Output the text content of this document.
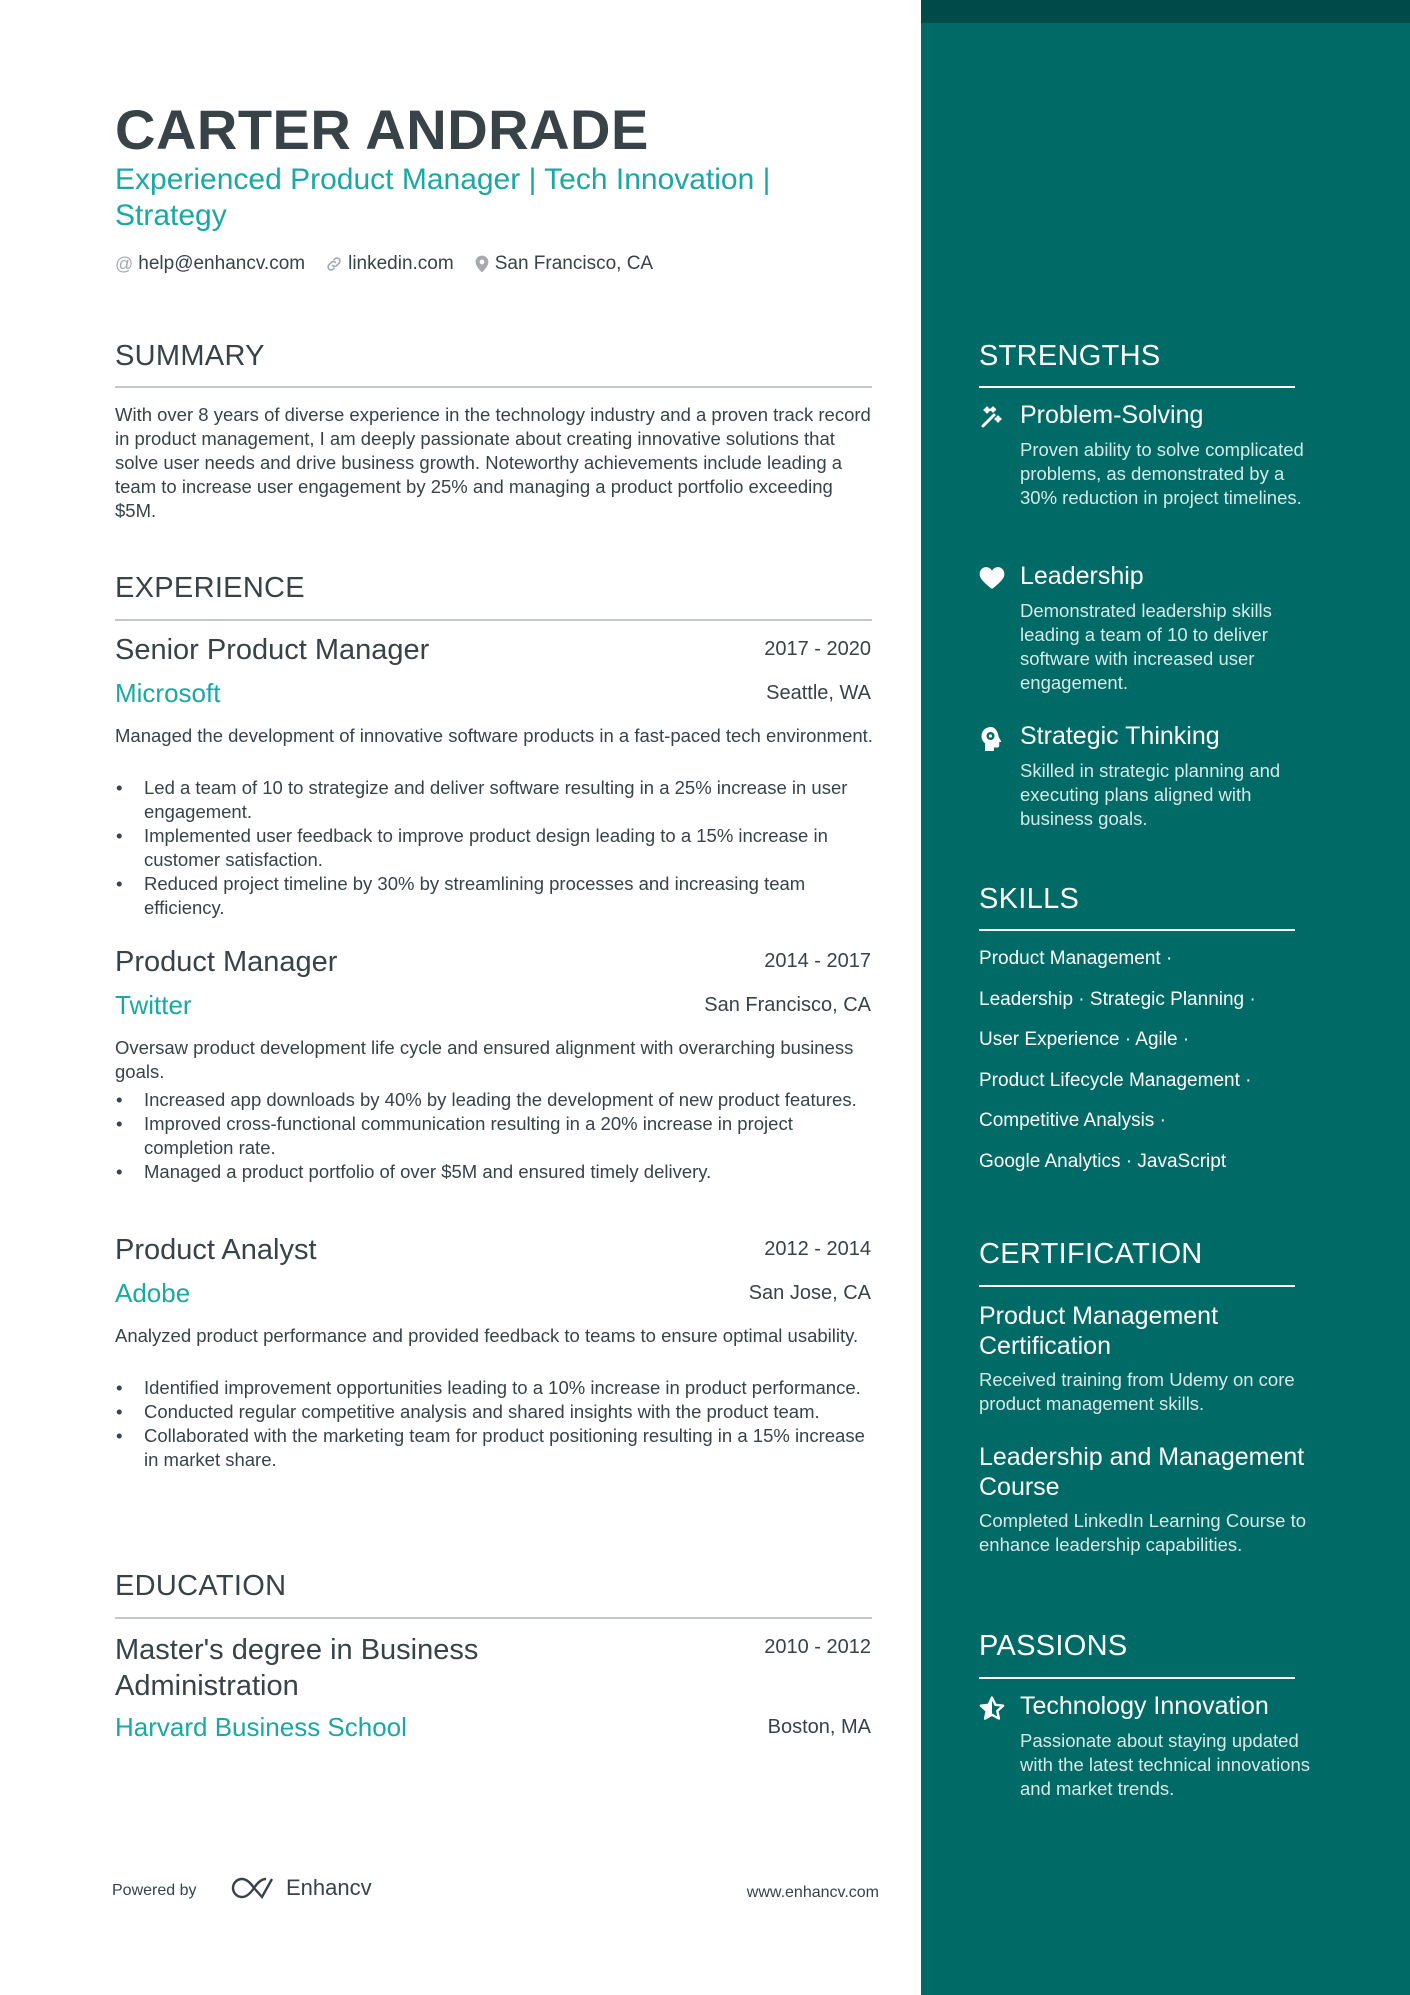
CARTER ANDRADE

Experienced Product Manager | Tech Innovation | Strategy

@ help@enhancv.com linkedin.com San Francisco, CA
SUMMARY

With over 8 years of diverse experience in the technology industry and a proven track record in product management, I am deeply passionate about creating innovative solutions that solve user needs and drive business growth. Noteworthy achievements include leading a team to increase user engagement by 25% and managing a product portfolio exceeding $5M.

EXPERIENCE
Senior Product Manager	2017 - 2020
Microsoft	Seattle, WA

Managed the development of innovative software products in a fast-paced tech environment.

• Led a team of 10 to strategize and deliver software resulting in a 25% increase in user engagement.
• Implemented user feedback to improve product design leading to a 15% increase in customer satisfaction.
• Reduced project timeline by 30% by streamlining processes and increasing team efficiency.
Product Manager	2014 - 2017
Twitter	San Francisco, CA

Oversaw product development life cycle and ensured alignment with overarching business goals.

• Increased app downloads by 40% by leading the development of new product features.
• Improved cross-functional communication resulting in a 20% increase in project completion rate.
• Managed a product portfolio of over $5M and ensured timely delivery.
Product Analyst	2012 - 2014
Adobe	San Jose, CA

Analyzed product performance and provided feedback to teams to ensure optimal usability.

• Identified improvement opportunities leading to a 10% increase in product performance.
• Conducted regular competitive analysis and shared insights with the product team.
• Collaborated with the marketing team for product positioning resulting in a 15% increase in market share.
EDUCATION
Master's degree in Business Administration
2010 - 2012
Harvard Business School	Boston, MA
Powered by	Enhancv	www.enhancv.com
STRENGTHS
Problem-Solving
Proven ability to solve complicated problems, as demonstrated by a 30% reduction in project timelines.
Leadership
Demonstrated leadership skills leading a team of 10 to deliver software with increased user engagement.
Strategic Thinking
Skilled in strategic planning and executing plans aligned with business goals.
SKILLS
Product Management ·
Leadership · Strategic Planning ·
User Experience · Agile ·
Product Lifecycle Management ·
Competitive Analysis ·
Google Analytics · JavaScript
CERTIFICATION
Product Management Certification
Received training from Udemy on core product management skills.
Leadership and Management Course
Completed LinkedIn Learning Course to enhance leadership capabilities.
PASSIONS
Technology Innovation
Passionate about staying updated with the latest technical innovations and market trends.
